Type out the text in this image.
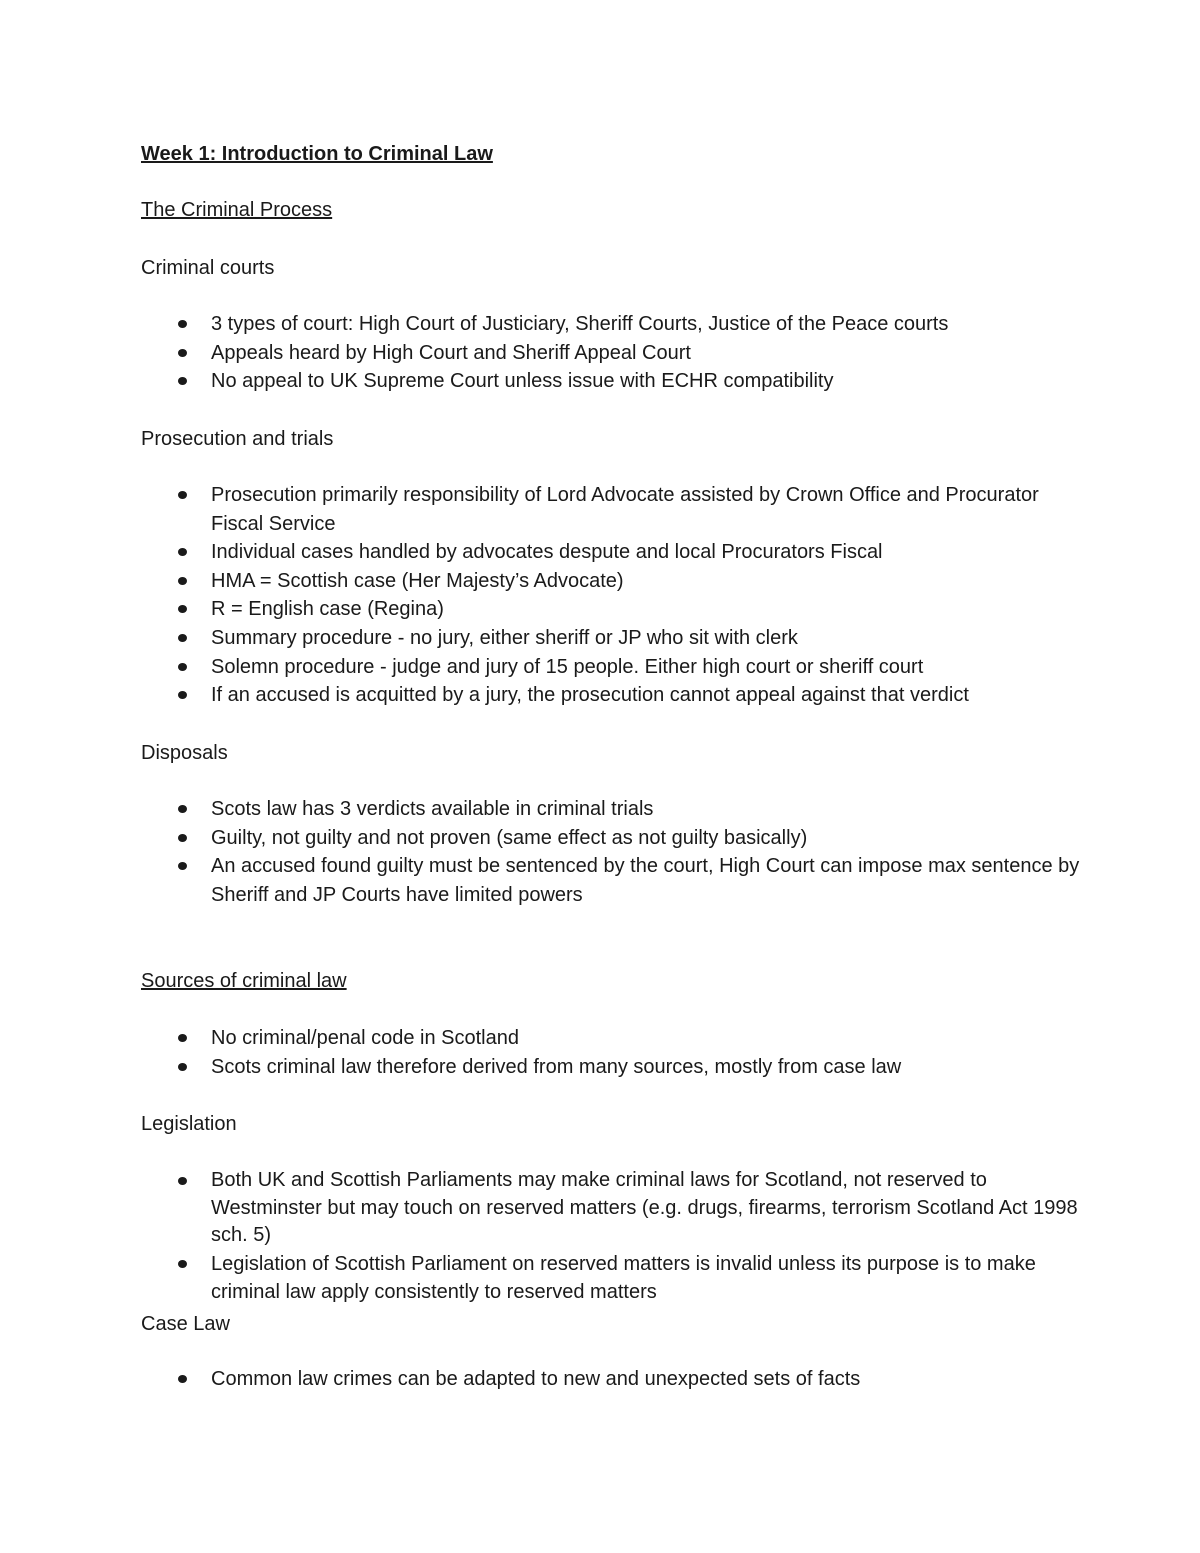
Week 1: Introduction to Criminal Law
The Criminal Process
Criminal courts
3 types of court: High Court of Justiciary, Sheriff Courts, Justice of the Peace courts
Appeals heard by High Court and Sheriff Appeal Court
No appeal to UK Supreme Court unless issue with ECHR compatibility
Prosecution and trials
Prosecution primarily responsibility of Lord Advocate assisted by Crown Office and Procurator Fiscal Service
Individual cases handled by advocates despute and local Procurators Fiscal
HMA = Scottish case (Her Majesty’s Advocate)
R = English case (Regina)
Summary procedure - no jury, either sheriff or JP who sit with clerk
Solemn procedure - judge and jury of 15 people. Either high court or sheriff court
If an accused is acquitted by a jury, the prosecution cannot appeal against that verdict
Disposals
Scots law has 3 verdicts available in criminal trials
Guilty, not guilty and not proven (same effect as not guilty basically)
An accused found guilty must be sentenced by the court, High Court can impose max sentence by Sheriff and JP Courts have limited powers
Sources of criminal law
No criminal/penal code in Scotland
Scots criminal law therefore derived from many sources, mostly from case law
Legislation
Both UK and Scottish Parliaments may make criminal laws for Scotland, not reserved to Westminster but may touch on reserved matters (e.g. drugs, firearms, terrorism Scotland Act 1998 sch. 5)
Legislation of Scottish Parliament on reserved matters is invalid unless its purpose is to make criminal law apply consistently to reserved matters
Case Law
Common law crimes can be adapted to new and unexpected sets of facts
